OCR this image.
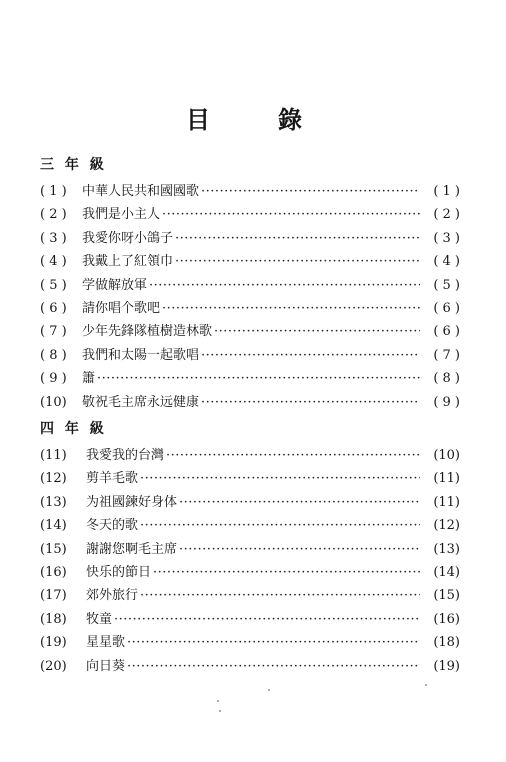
目	錄
三 年 級
( 1 )	中華人民共和國國歌 ·····	( 1 )
( 2 )	我們是小主人 ·····	( 2 )
( 3 )	我愛你呀小鴿子 ·····	( 3 )
( 4 )	我戴上了紅領巾 ·····	( 4 )
( 5 )	学做解放軍 ·····	( 5 )
( 6 )	請你唱个歌吧 ·····	( 6 )
( 7 )	少年先鋒隊植樹造林歌 ·····	( 6 )
( 8 )	我們和太陽一起歌唱 ·····	( 7 )
( 9 )	簫 ·····	( 8 )
(10)	敬祝毛主席永远健康 ·····	( 9 )
四 年 級
(11)	我愛我的台灣 ·····	(10)
(12)	剪羊毛歌 ·····	(11)
(13)	为祖國鍊好身体 ·····	(11)
(14)	冬天的歌 ·····	(12)
(15)	謝謝您啊毛主席 ·····	(13)
(16)	快乐的節日 ·····	(14)
(17)	郊外旅行 ·····	(15)
(18)	牧童 ·····	(16)
(19)	星星歌 ·····	(18)
(20)	向日葵 ·····	(19)
